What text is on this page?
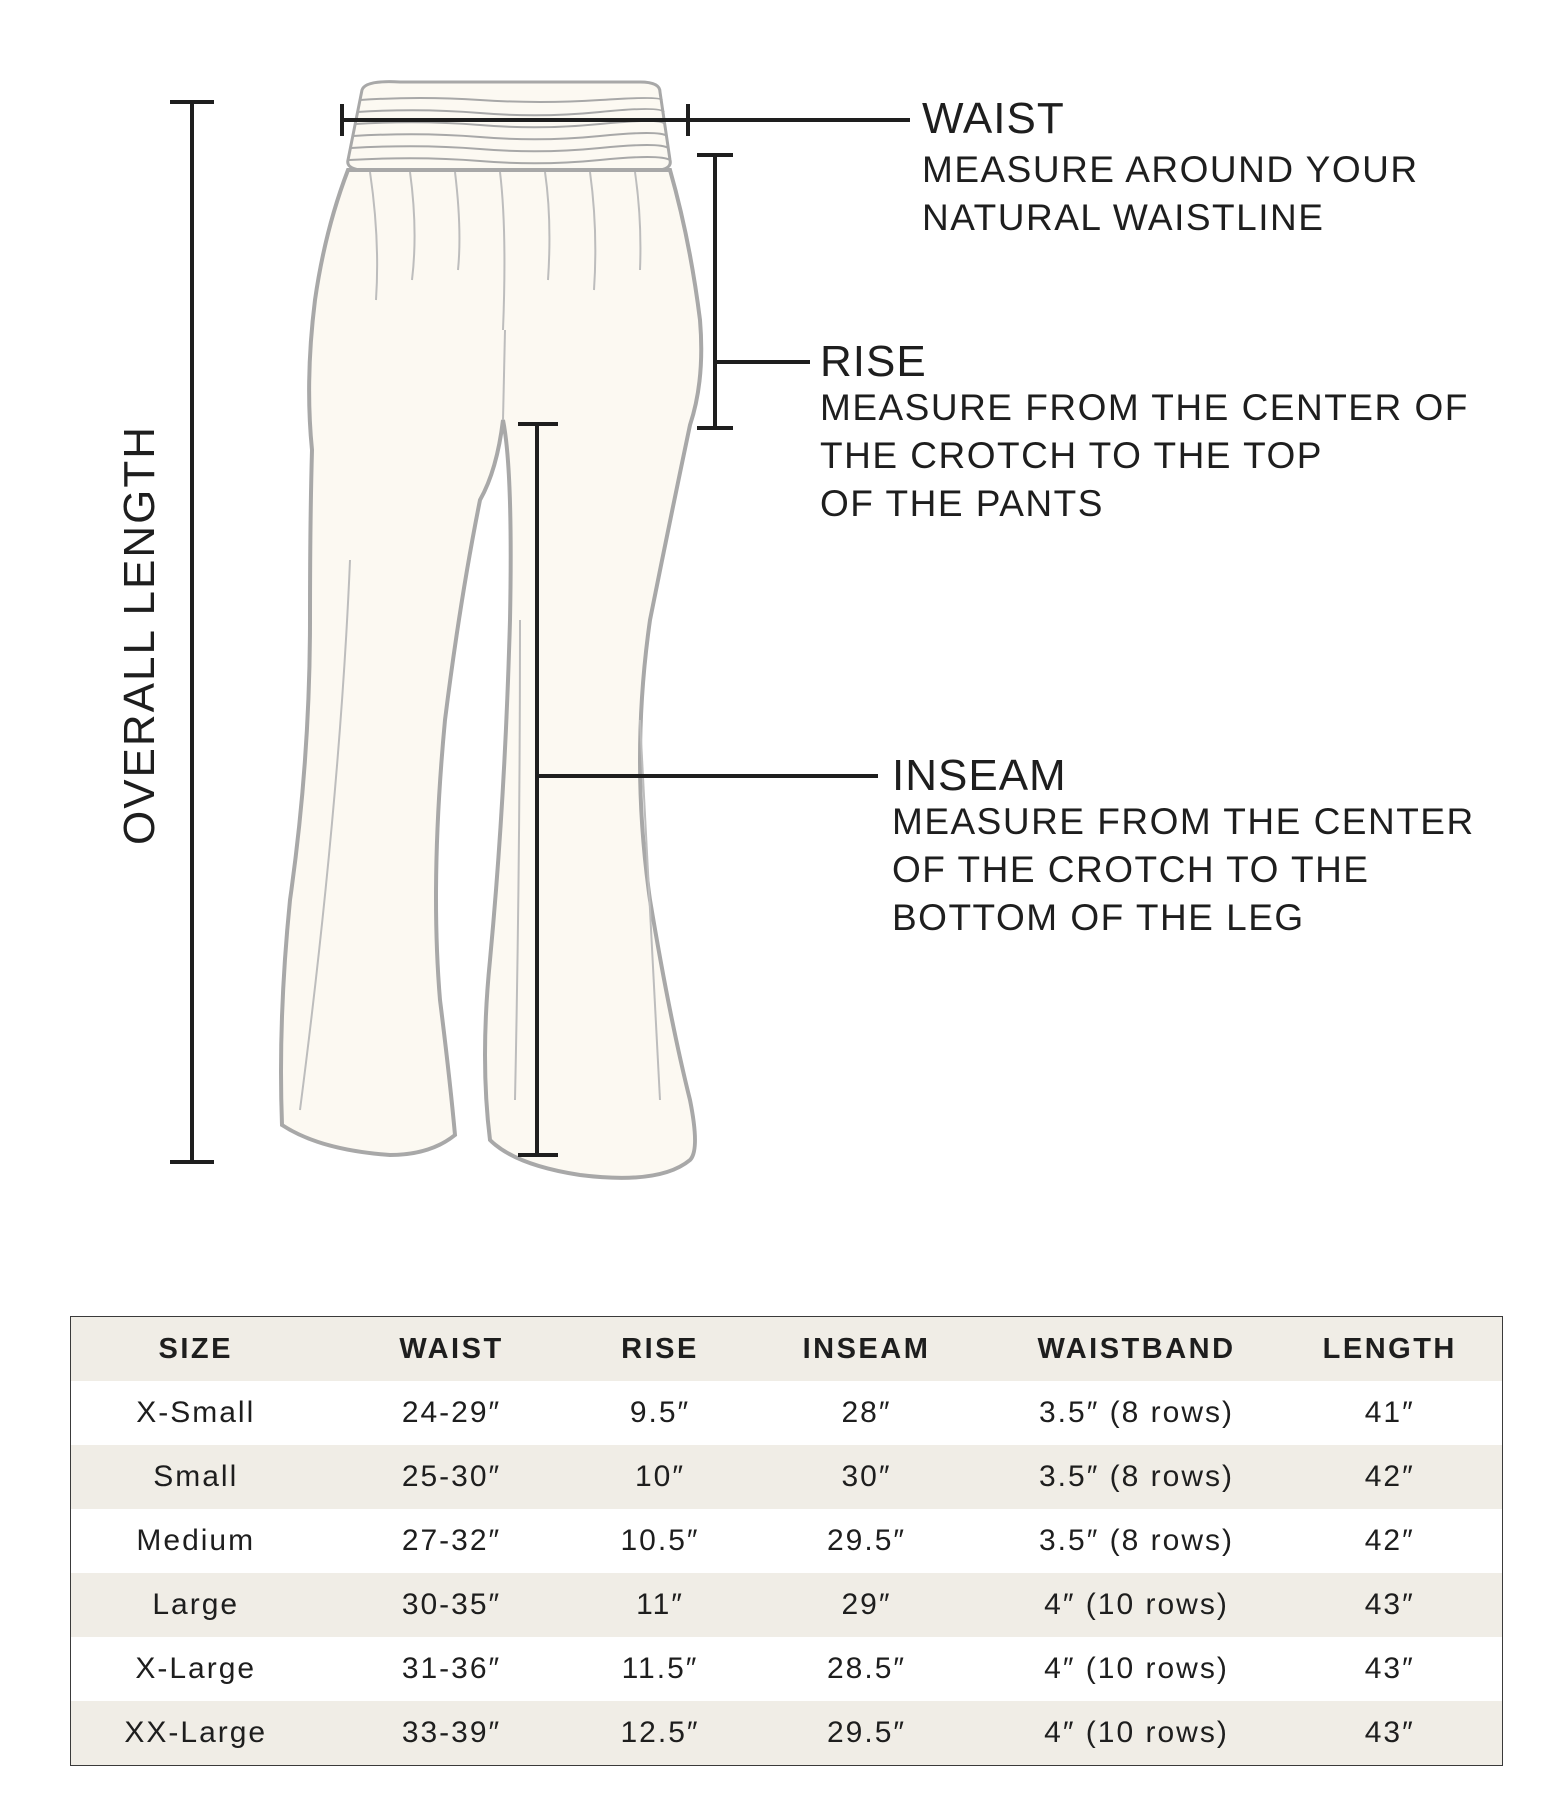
OVERALL LENGTH
WAIST
MEASURE AROUND YOUR
NATURAL WAISTLINE
RISE
MEASURE FROM THE CENTER OF
THE CROTCH TO THE TOP
OF THE PANTS
INSEAM
MEASURE FROM THE CENTER
OF THE CROTCH TO THE
BOTTOM OF THE LEG
SIZE	WAIST	RISE	INSEAM	WAISTBAND	LENGTH
X-Small	24-29″	9.5″	28″	3.5″ (8 rows)	41″
Small	25-30″	10″	30″	3.5″ (8 rows)	42″
Medium	27-32″	10.5″	29.5″	3.5″ (8 rows)	42″
Large	30-35″	11″	29″	4″ (10 rows)	43″
X-Large	31-36″	11.5″	28.5″	4″ (10 rows)	43″
XX-Large	33-39″	12.5″	29.5″	4″ (10 rows)	43″
